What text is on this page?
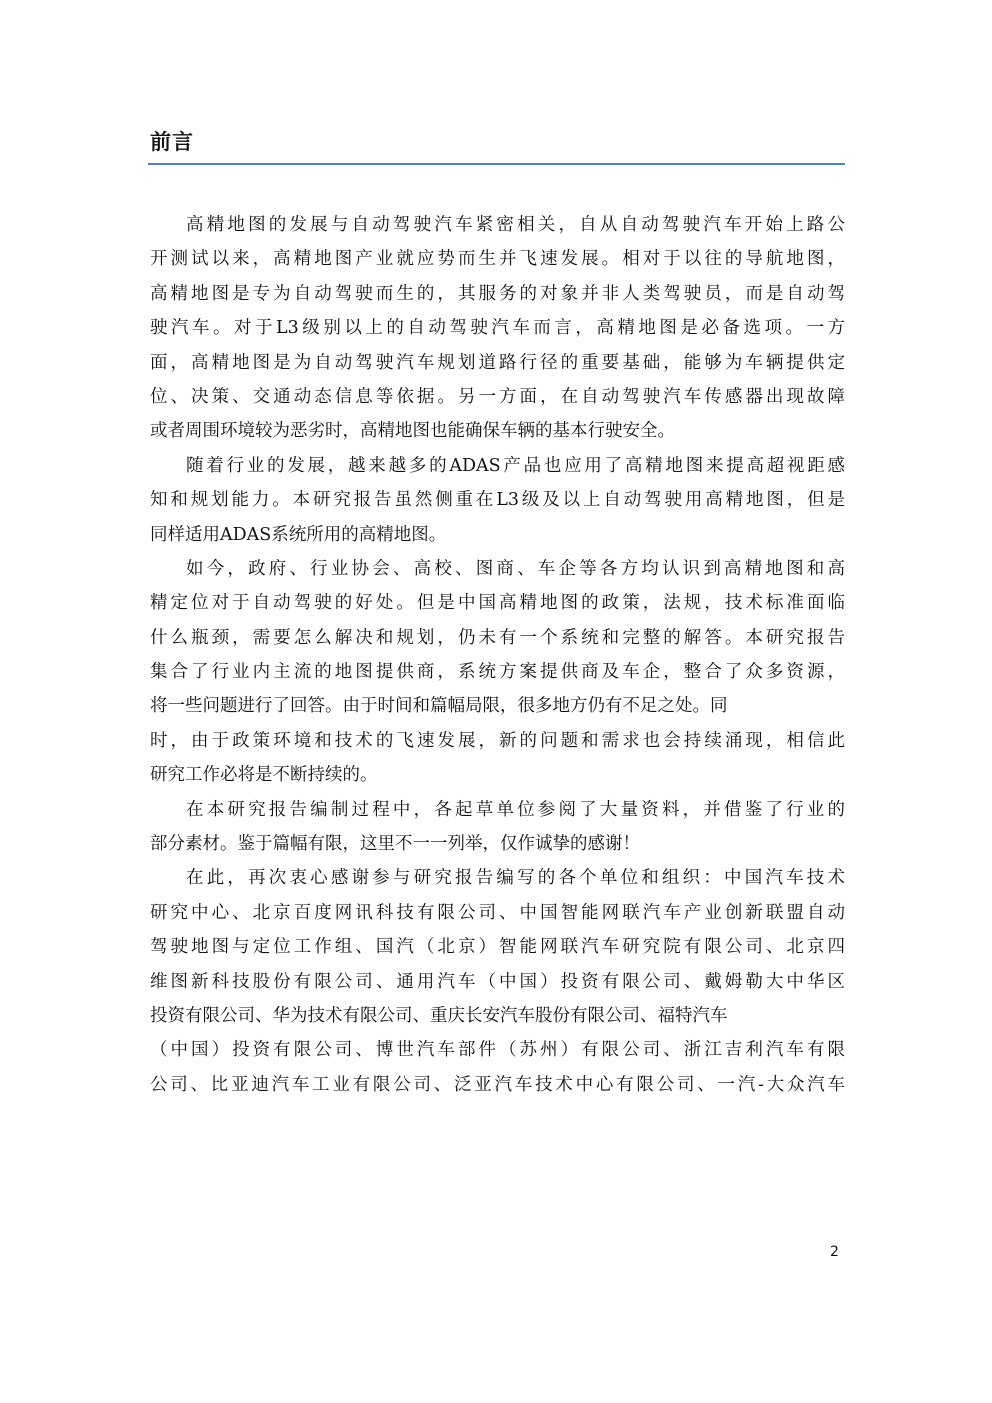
前言
高精地图的发展与自动驾驶汽车紧密相关，自从自动驾驶汽车开始上路公
开测试以来，高精地图产业就应势而生并飞速发展。相对于以往的导航地图，
高精地图是专为自动驾驶而生的，其服务的对象并非人类驾驶员，而是自动驾
驶汽车。对于L3级别以上的自动驾驶汽车而言，高精地图是必备选项。一方
面，高精地图是为自动驾驶汽车规划道路行径的重要基础，能够为车辆提供定
位、决策、交通动态信息等依据。另一方面，在自动驾驶汽车传感器出现故障
或者周围环境较为恶劣时，高精地图也能确保车辆的基本行驶安全。
随着行业的发展，越来越多的ADAS产品也应用了高精地图来提高超视距感
知和规划能力。本研究报告虽然侧重在L3级及以上自动驾驶用高精地图，但是
同样适用ADAS系统所用的高精地图。
如今，政府、行业协会、高校、图商、车企等各方均认识到高精地图和高
精定位对于自动驾驶的好处。但是中国高精地图的政策，法规，技术标准面临
什么瓶颈，需要怎么解决和规划，仍未有一个系统和完整的解答。本研究报告
集合了行业内主流的地图提供商，系统方案提供商及车企，整合了众多资源，
将一些问题进行了回答。由于时间和篇幅局限，很多地方仍有不足之处。同
时，由于政策环境和技术的飞速发展，新的问题和需求也会持续涌现，相信此
研究工作必将是不断持续的。
在本研究报告编制过程中，各起草单位参阅了大量资料，并借鉴了行业的
部分素材。鉴于篇幅有限，这里不一一列举，仅作诚挚的感谢！
在此，再次衷心感谢参与研究报告编写的各个单位和组织：中国汽车技术
研究中心、北京百度网讯科技有限公司、中国智能网联汽车产业创新联盟自动
驾驶地图与定位工作组、国汽（北京）智能网联汽车研究院有限公司、北京四
维图新科技股份有限公司、通用汽车（中国）投资有限公司、戴姆勒大中华区
投资有限公司、华为技术有限公司、重庆长安汽车股份有限公司、福特汽车
（中国）投资有限公司、博世汽车部件（苏州）有限公司、浙江吉利汽车有限
公司、比亚迪汽车工业有限公司、泛亚汽车技术中心有限公司、一汽-大众汽车
2
